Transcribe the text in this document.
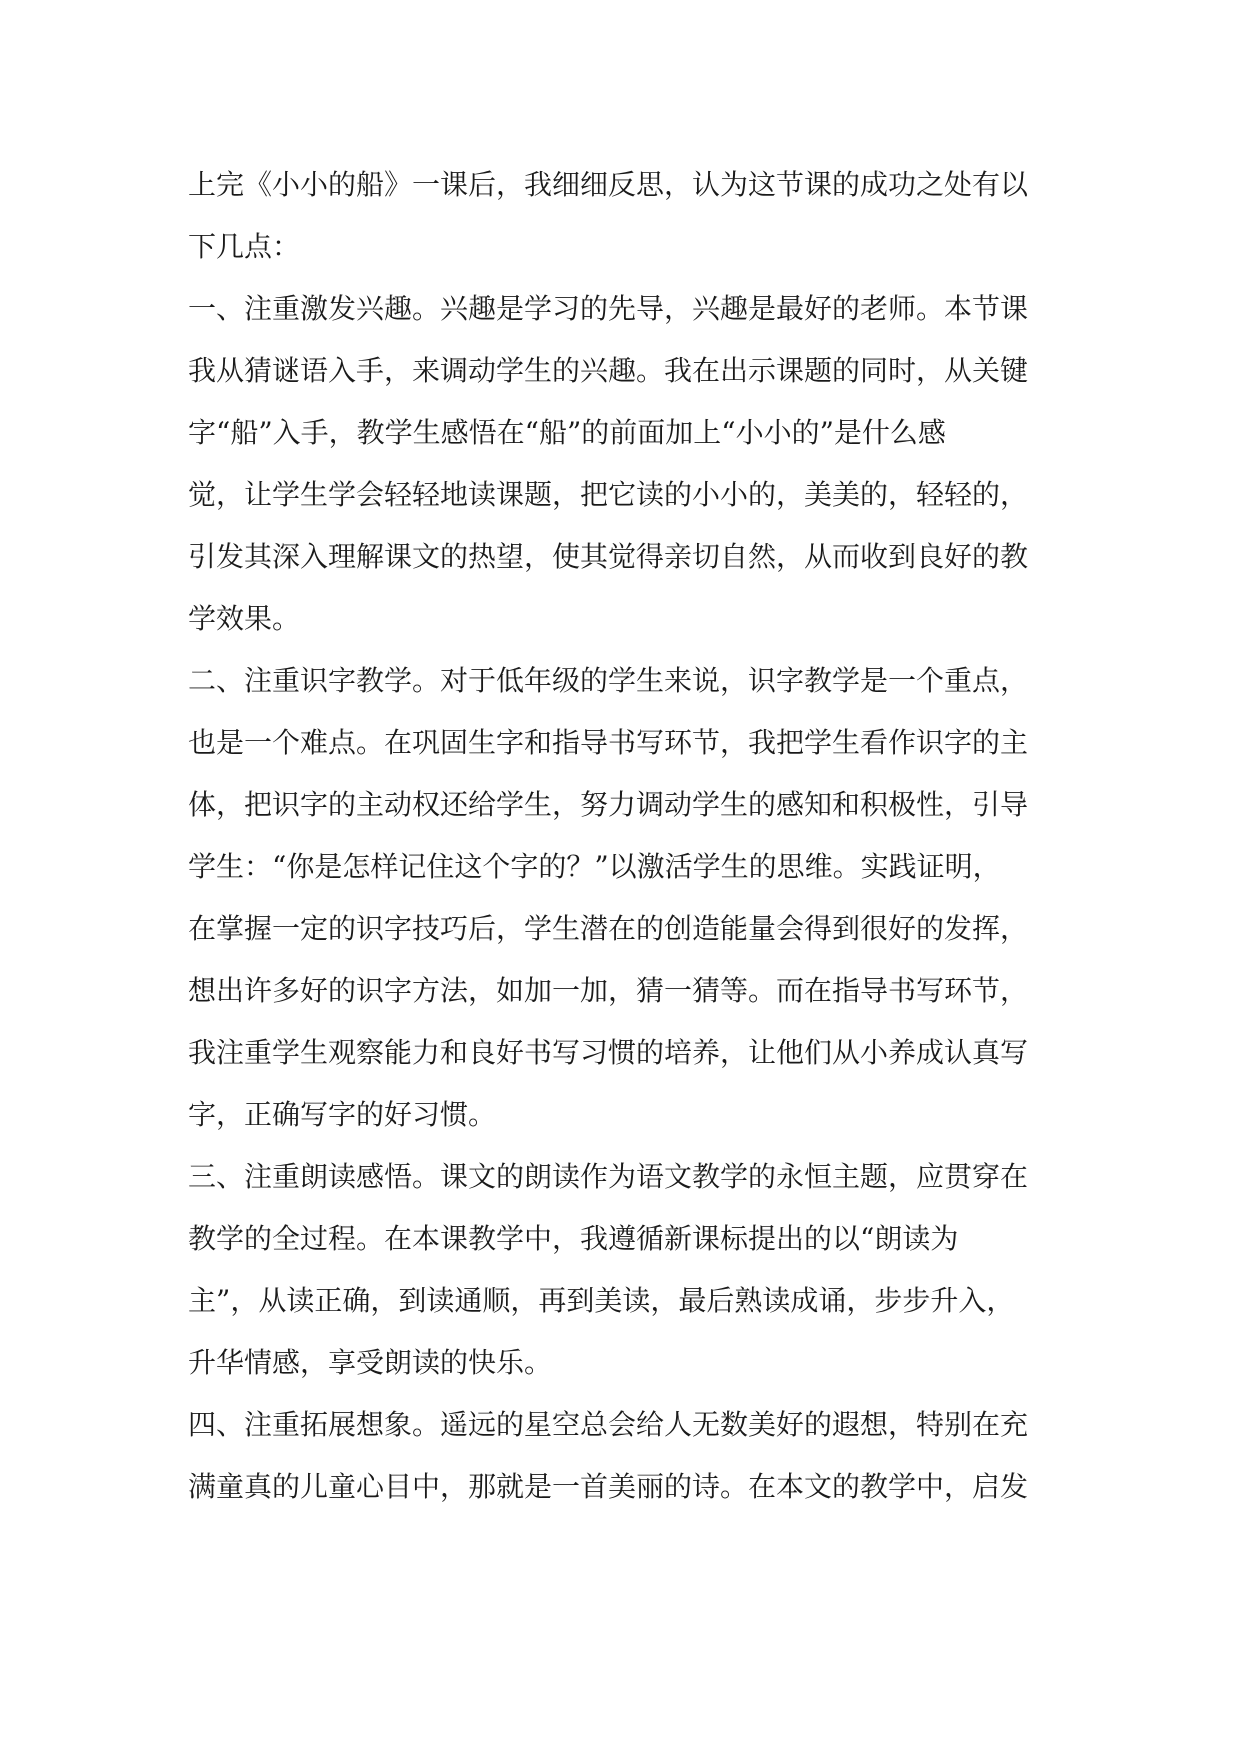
上完《小小的船》一课后，我细细反思，认为这节课的成功之处有以
下几点：
一、注重激发兴趣。兴趣是学习的先导，兴趣是最好的老师。本节课
我从猜谜语入手，来调动学生的兴趣。我在出示课题的同时，从关键
字“船”入手，教学生感悟在“船”的前面加上“小小的”是什么感
觉，让学生学会轻轻地读课题，把它读的小小的，美美的，轻轻的，
引发其深入理解课文的热望，使其觉得亲切自然，从而收到良好的教
学效果。
二、注重识字教学。对于低年级的学生来说，识字教学是一个重点，
也是一个难点。在巩固生字和指导书写环节，我把学生看作识字的主
体，把识字的主动权还给学生，努力调动学生的感知和积极性，引导
学生：“你是怎样记住这个字的？”以激活学生的思维。实践证明，
在掌握一定的识字技巧后，学生潜在的创造能量会得到很好的发挥，
想出许多好的识字方法，如加一加，猜一猜等。而在指导书写环节，
我注重学生观察能力和良好书写习惯的培养，让他们从小养成认真写
字，正确写字的好习惯。
三、注重朗读感悟。课文的朗读作为语文教学的永恒主题，应贯穿在
教学的全过程。在本课教学中，我遵循新课标提出的以“朗读为
主”，从读正确，到读通顺，再到美读，最后熟读成诵，步步升入，
升华情感，享受朗读的快乐。
四、注重拓展想象。遥远的星空总会给人无数美好的遐想，特别在充
满童真的儿童心目中，那就是一首美丽的诗。在本文的教学中，启发
